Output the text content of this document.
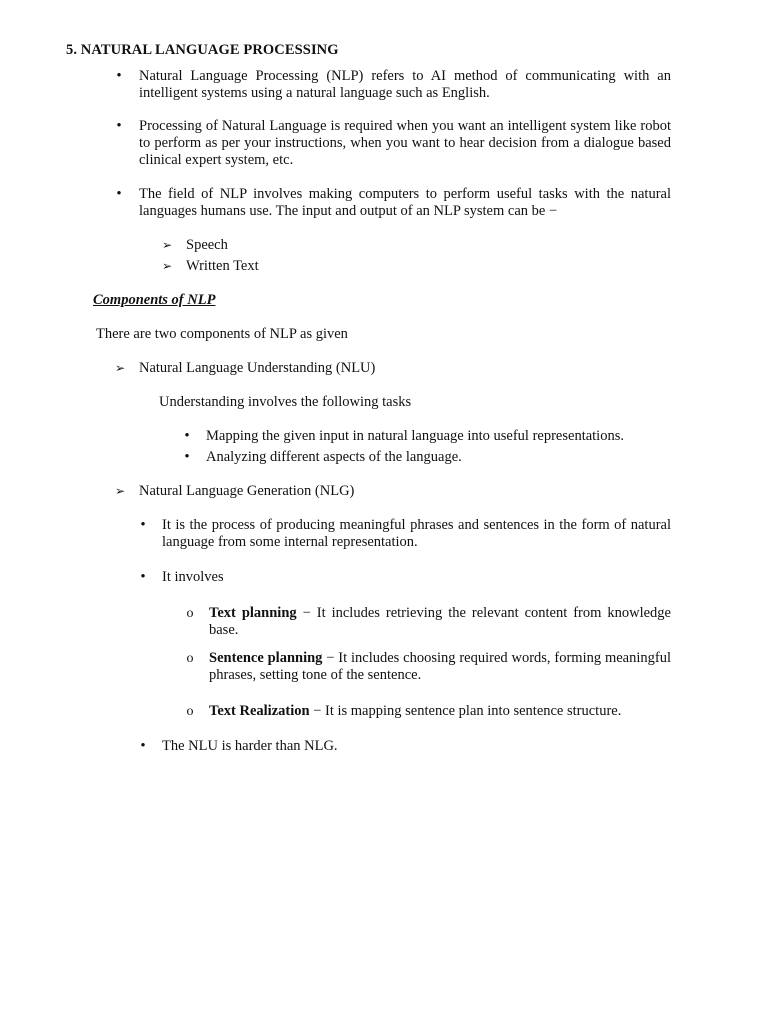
5. NATURAL LANGUAGE PROCESSING
•	Natural Language Processing (NLP) refers to AI method of communicating with an intelligent systems using a natural language such as English.
•	Processing of Natural Language is required when you want an intelligent system like robot to perform as per your instructions, when you want to hear decision from a dialogue based clinical expert system, etc.
•	The field of NLP involves making computers to perform useful tasks with the natural languages humans use. The input and output of an NLP system can be −
➢ Speech
➢ Written Text
Components of NLP
There are two components of NLP as given
➢ Natural Language Understanding (NLU)
Understanding involves the following tasks
•	Mapping the given input in natural language into useful representations.
•	Analyzing different aspects of the language.
➢ Natural Language Generation (NLG)
•	It is the process of producing meaningful phrases and sentences in the form of natural language from some internal representation.
•	It involves
o Text planning − It includes retrieving the relevant content from knowledge base.
o Sentence planning − It includes choosing required words, forming meaningful phrases, setting tone of the sentence.
o Text Realization − It is mapping sentence plan into sentence structure.
•	The NLU is harder than NLG.
